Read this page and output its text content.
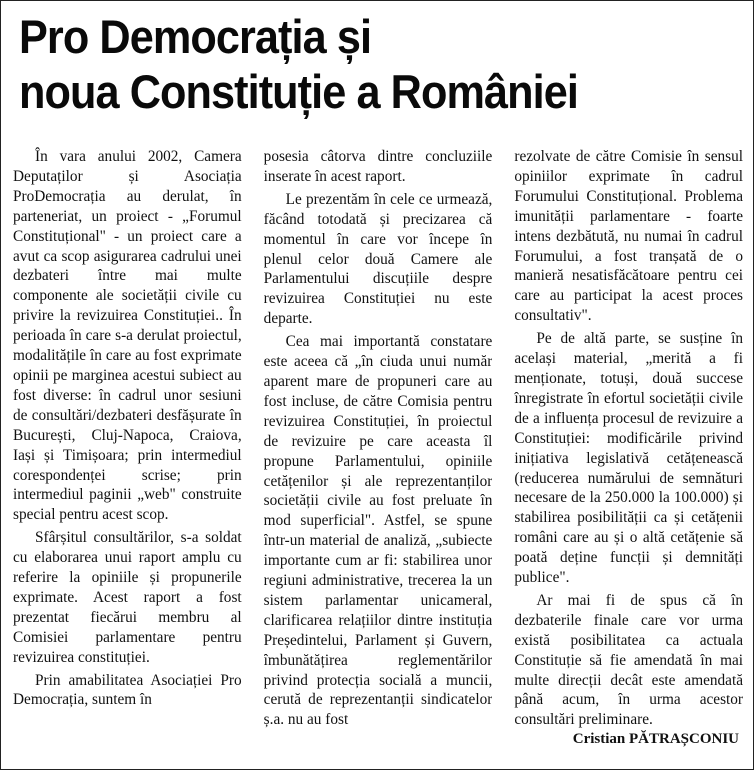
Pro Democrația și
noua Constituție a României

În vara anului 2002, Camera Deputaților și Asociația ProDemocrația au derulat, în parteneriat, un proiect - „Forumul Constituțional" - un proiect care a avut ca scop asigurarea cadrului unei dezbateri între mai multe componente ale societății civile cu privire la revizuirea Constituției.. În perioada în care s-a derulat proiectul, modalitățile în care au fost exprimate opinii pe marginea acestui subiect au fost diverse: în cadrul unor sesiuni de consultări/dezbateri desfășurate în București, Cluj-Napoca, Craiova, Iași și Timișoara; prin intermediul corespondenței scrise; prin intermediul paginii „web" construite special pentru acest scop.

Sfârșitul consultărilor, s-a soldat cu elaborarea unui raport amplu cu referire la opiniile și propunerile exprimate. Acest raport a fost prezentat fiecărui membru al Comisiei parlamentare pentru revizuirea constituției.

Prin amabilitatea Asociației Pro Democrația, suntem în

posesia câtorva dintre concluziile inserate în acest raport.

Le prezentăm în cele ce urmează, făcând totodată și precizarea că momentul în care vor începe în plenul celor două Camere ale Parlamentului discuțiile despre revizuirea Constituției nu este departe.

Cea mai importantă constatare este aceea că „în ciuda unui număr aparent mare de propuneri care au fost incluse, de către Comisia pentru revizuirea Constituției, în proiectul de revizuire pe care aceasta îl propune Parlamentului, opiniile cetățenilor și ale reprezentanților societății civile au fost preluate în mod superficial". Astfel, se spune într-un material de analiză, „subiecte importante cum ar fi: stabilirea unor regiuni administrative, trecerea la un sistem parlamentar unicameral, clarificarea relațiilor dintre instituția Președintelui, Parlament și Guvern, îmbunătățirea reglementărilor privind protecția socială a muncii, cerută de reprezentanții sindicatelor ș.a. nu au fost

rezolvate de către Comisie în sensul opiniilor exprimate în cadrul Forumului Constituțional. Problema imunității parlamentare - foarte intens dezbătută, nu numai în cadrul Forumului, a fost tranșată de o manieră nesatisfăcătoare pentru cei care au participat la acest proces consultativ".

Pe de altă parte, se susține în același material, „merită a fi menționate, totuși, două succese înregistrate în efortul societății civile de a influența procesul de revizuire a Constituției: modificările privind inițiativa legislativă cetățenească (reducerea numărului de semnături necesare de la 250.000 la 100.000) și stabilirea posibilității ca și cetățenii români care au și o altă cetățenie să poată deține funcții și demnități publice".

Ar mai fi de spus că în dezbaterile finale care vor urma există posibilitatea ca actuala Constituție să fie amendată în mai multe direcții decât este amendată până acum, în urma acestor consultări preliminare.

Cristian PĂTRAȘCONIU
